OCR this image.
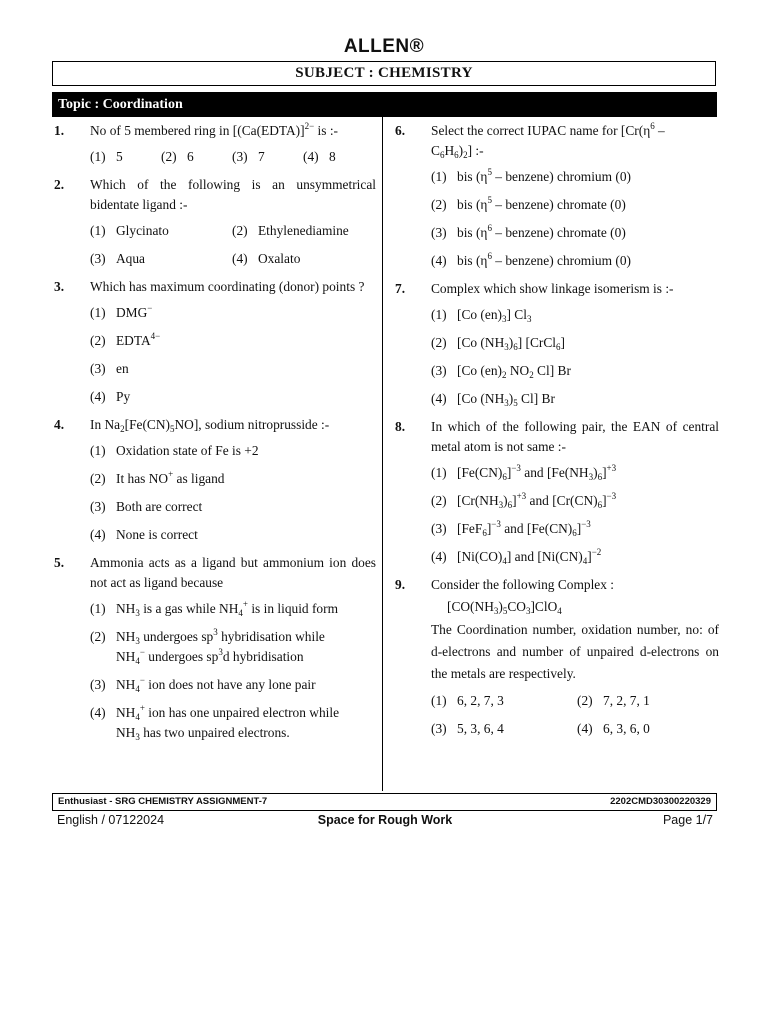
ALLEN®
SUBJECT : CHEMISTRY
Topic : Coordination
1. No of 5 membered ring in [(Ca(EDTA)]$^{2-}$ is :-
(1) 5	(2) 6	(3) 7	(4) 8
2. Which of the following is an unsymmetrical bidentate ligand :-
(1) Glycinato	(2) Ethylenediamine
(3) Aqua	(4) Oxalato
3. Which has maximum coordinating (donor) points ?
(1) DMG−
(2) $EDTA^{4-}$
(3) en
(4) Py
4. In $Na_2[Fe(CN)_5NO]$, sodium nitroprusside :-
(1) Oxidation state of Fe is +2
(2) It has NO+ as ligand
(3) Both are correct
(4) None is correct
5. Ammonia acts as a ligand but ammonium ion does not act as ligand because
(1) $NH_3$ is a gas while $NH_4^+$ is in liquid form
(2) $NH_3$ undergoes $sp^3$ hybridisation while
$NH_4^-$ undergoes $sp^3d$ hybridisation
(3) $NH_4^-$ ion does not have any lone pair
(4) $NH_4^+$ ion has one unpaired electron while
$NH_3$ has two unpaired electrons.
6. Select the correct IUPAC name for [$Cr(\eta^6$ –
$C_6H_6)_2$] :-
(1) bis ($\eta^5$ – benzene) chromium (0)
(2) bis ($\eta^5$ – benzene) chromate (0)
(3) bis ($\eta^6$ – benzene) chromate (0)
(4) bis ($\eta^6$ – benzene) chromium (0)
7. Complex which show linkage isomerism is :-
(1) [Co $(en)_3$] $Cl_3$
(2) [Co $(NH_3)_6$] [CrCl$_6$]
(3) [Co $(en)_2$ $NO_2$ Cl] Br
(4) [Co $(NH_3)_5$ Cl] Br
8. In which of the following pair, the EAN of central metal atom is not same :-
(1) $[Fe(CN)_6]^{-3}$ and $[Fe(NH_3)_6]^{+3}$
(2) $[Cr(NH_3)_6]^{+3}$ and $[Cr(CN)_6]^{-3}$
(3) $[FeF_6]^{-3}$ and $[Fe(CN)_6]^{-3}$
(4) $[Ni(CO)_4]$ and $[Ni(CN)_4]^{-2}$
9. Consider the following Complex :
$[CO(NH_3)_5CO_3]ClO_4$
The Coordination number, oxidation number, no: of d-electrons and number of unpaired d-electrons on the metals are respectively.
(1) 6, 2, 7, 3	(2) 7, 2, 7, 1
(3) 5, 3, 6, 4	(4) 6, 3, 6, 0
Enthusiast - SRG CHEMISTRY ASSIGNMENT-7	2202CMD30300220329
English / 07122024	Space for Rough Work	Page 1/7
